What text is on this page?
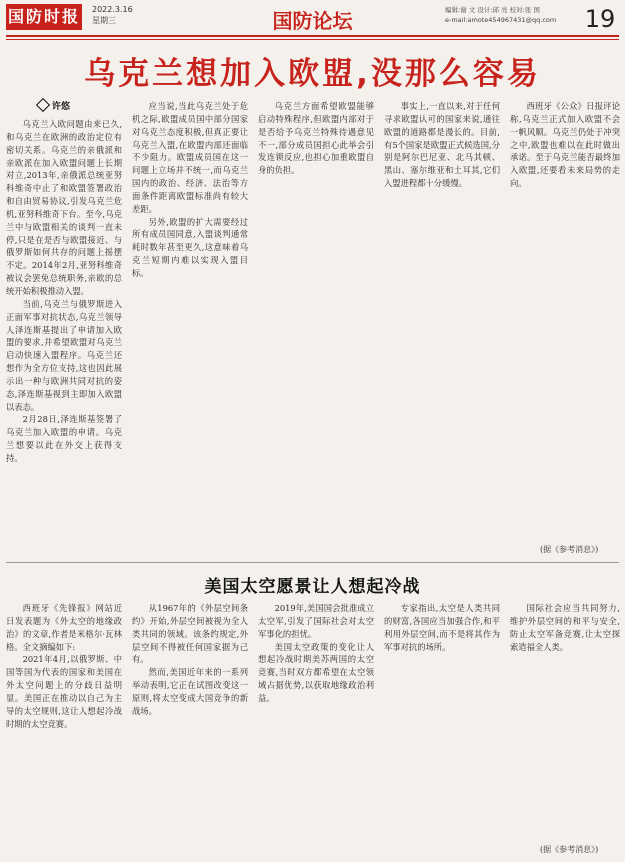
国防时报 2022.3.16
星期三	国防论坛	编辑:谢 文 设计:邱 亮 校对:张 国
e-mail:amote454967431@qq.com	19
乌克兰想加入欧盟,没那么容易
许悠

乌克兰入欧问题由来已久,和乌克兰在欧洲的政治定位有密切关系。乌克兰的亲俄派和亲欧派在加入欧盟问题上长期对立,2013年,亲俄派总统亚努科维奇中止了和欧盟签署政治和自由贸易协议,引发乌克兰危机,亚努科维奇下台。至今,乌克兰中与欧盟相关的谈判一直未停,只是在是否与欧盟接近、与俄罗斯如何共存的问题上摇摆不定。2014年2月,亚努科维奇被议会罢免总统职务,亲欧的总统开始积极推动入盟。

当前,乌克兰与俄罗斯进入正面军事对抗状态,乌克兰领导人泽连斯基提出了申请加入欧盟的要求,并希望欧盟对乌克兰启动快速入盟程序。乌克兰还想作为全方位支持,这也因此展示出一种与欧洲共同对抗的姿态,泽连斯基视到主即加入欧盟以表态。

2月28日,泽连斯基签署了乌克兰加入欧盟的申请。乌克兰想要以此在外交上获得支持。

应当说,当此乌克兰处于危机之际,欧盟成员国中部分国家对乌克兰态度积极,但真正要让乌克兰入盟,在欧盟内部还面临不少阻力。欧盟成员国在这一问题上立场并不统一,而乌克兰国内的政治、经济、法治等方面条件距离欧盟标准尚有较大差距。

另外,欧盟的扩大需要经过所有成员国同意,入盟谈判通常耗时数年甚至更久,这意味着乌克兰短期内难以实现入盟目标。

乌克兰方面希望欧盟能够启动特殊程序,但欧盟内部对于是否给予乌克兰特殊待遇意见不一,部分成员国担心此举会引发连锁反应,也担心加重欧盟自身的负担。

事实上,一直以来,对于任何寻求欧盟认可的国家来说,通往欧盟的道路都是漫长的。目前,有5个国家是欧盟正式候选国,分别是阿尔巴尼亚、北马其顿、黑山、塞尔维亚和土耳其,它们入盟进程都十分缓慢。

西班牙《公众》日报评论称,乌克兰正式加入欧盟不会一帆风顺。乌克兰仍处于冲突之中,欧盟也难以在此时做出承诺。至于乌克兰能否最终加入欧盟,还要看未来局势的走向。

(据《参考消息》)
美国太空愿景让人想起冷战

西班牙《先锋报》网站近日发表题为《外太空的地缘政治》的文章,作者是米格尔·瓦林格。全文摘编如下:

2021年4月,以俄罗斯、中国等国为代表的国家和美国在外太空问题上的分歧日益明显。美国正在推动以自己为主导的太空规则,这让人想起冷战时期的太空竞赛。

从1967年的《外层空间条约》开始,外层空间被视为全人类共同的领域。该条约规定,外层空间不得被任何国家据为己有。

然而,美国近年来的一系列举动表明,它正在试图改变这一原则,将太空变成大国竞争的新战场。

2019年,美国国会批准成立太空军,引发了国际社会对太空军事化的担忧。

美国太空政策的变化让人想起冷战时期美苏两国的太空竞赛,当时双方都希望在太空领域占据优势,以获取地缘政治利益。

专家指出,太空是人类共同的财富,各国应当加强合作,和平利用外层空间,而不是将其作为军事对抗的场所。

国际社会应当共同努力,维护外层空间的和平与安全,防止太空军备竞赛,让太空探索造福全人类。

(据《参考消息》)
